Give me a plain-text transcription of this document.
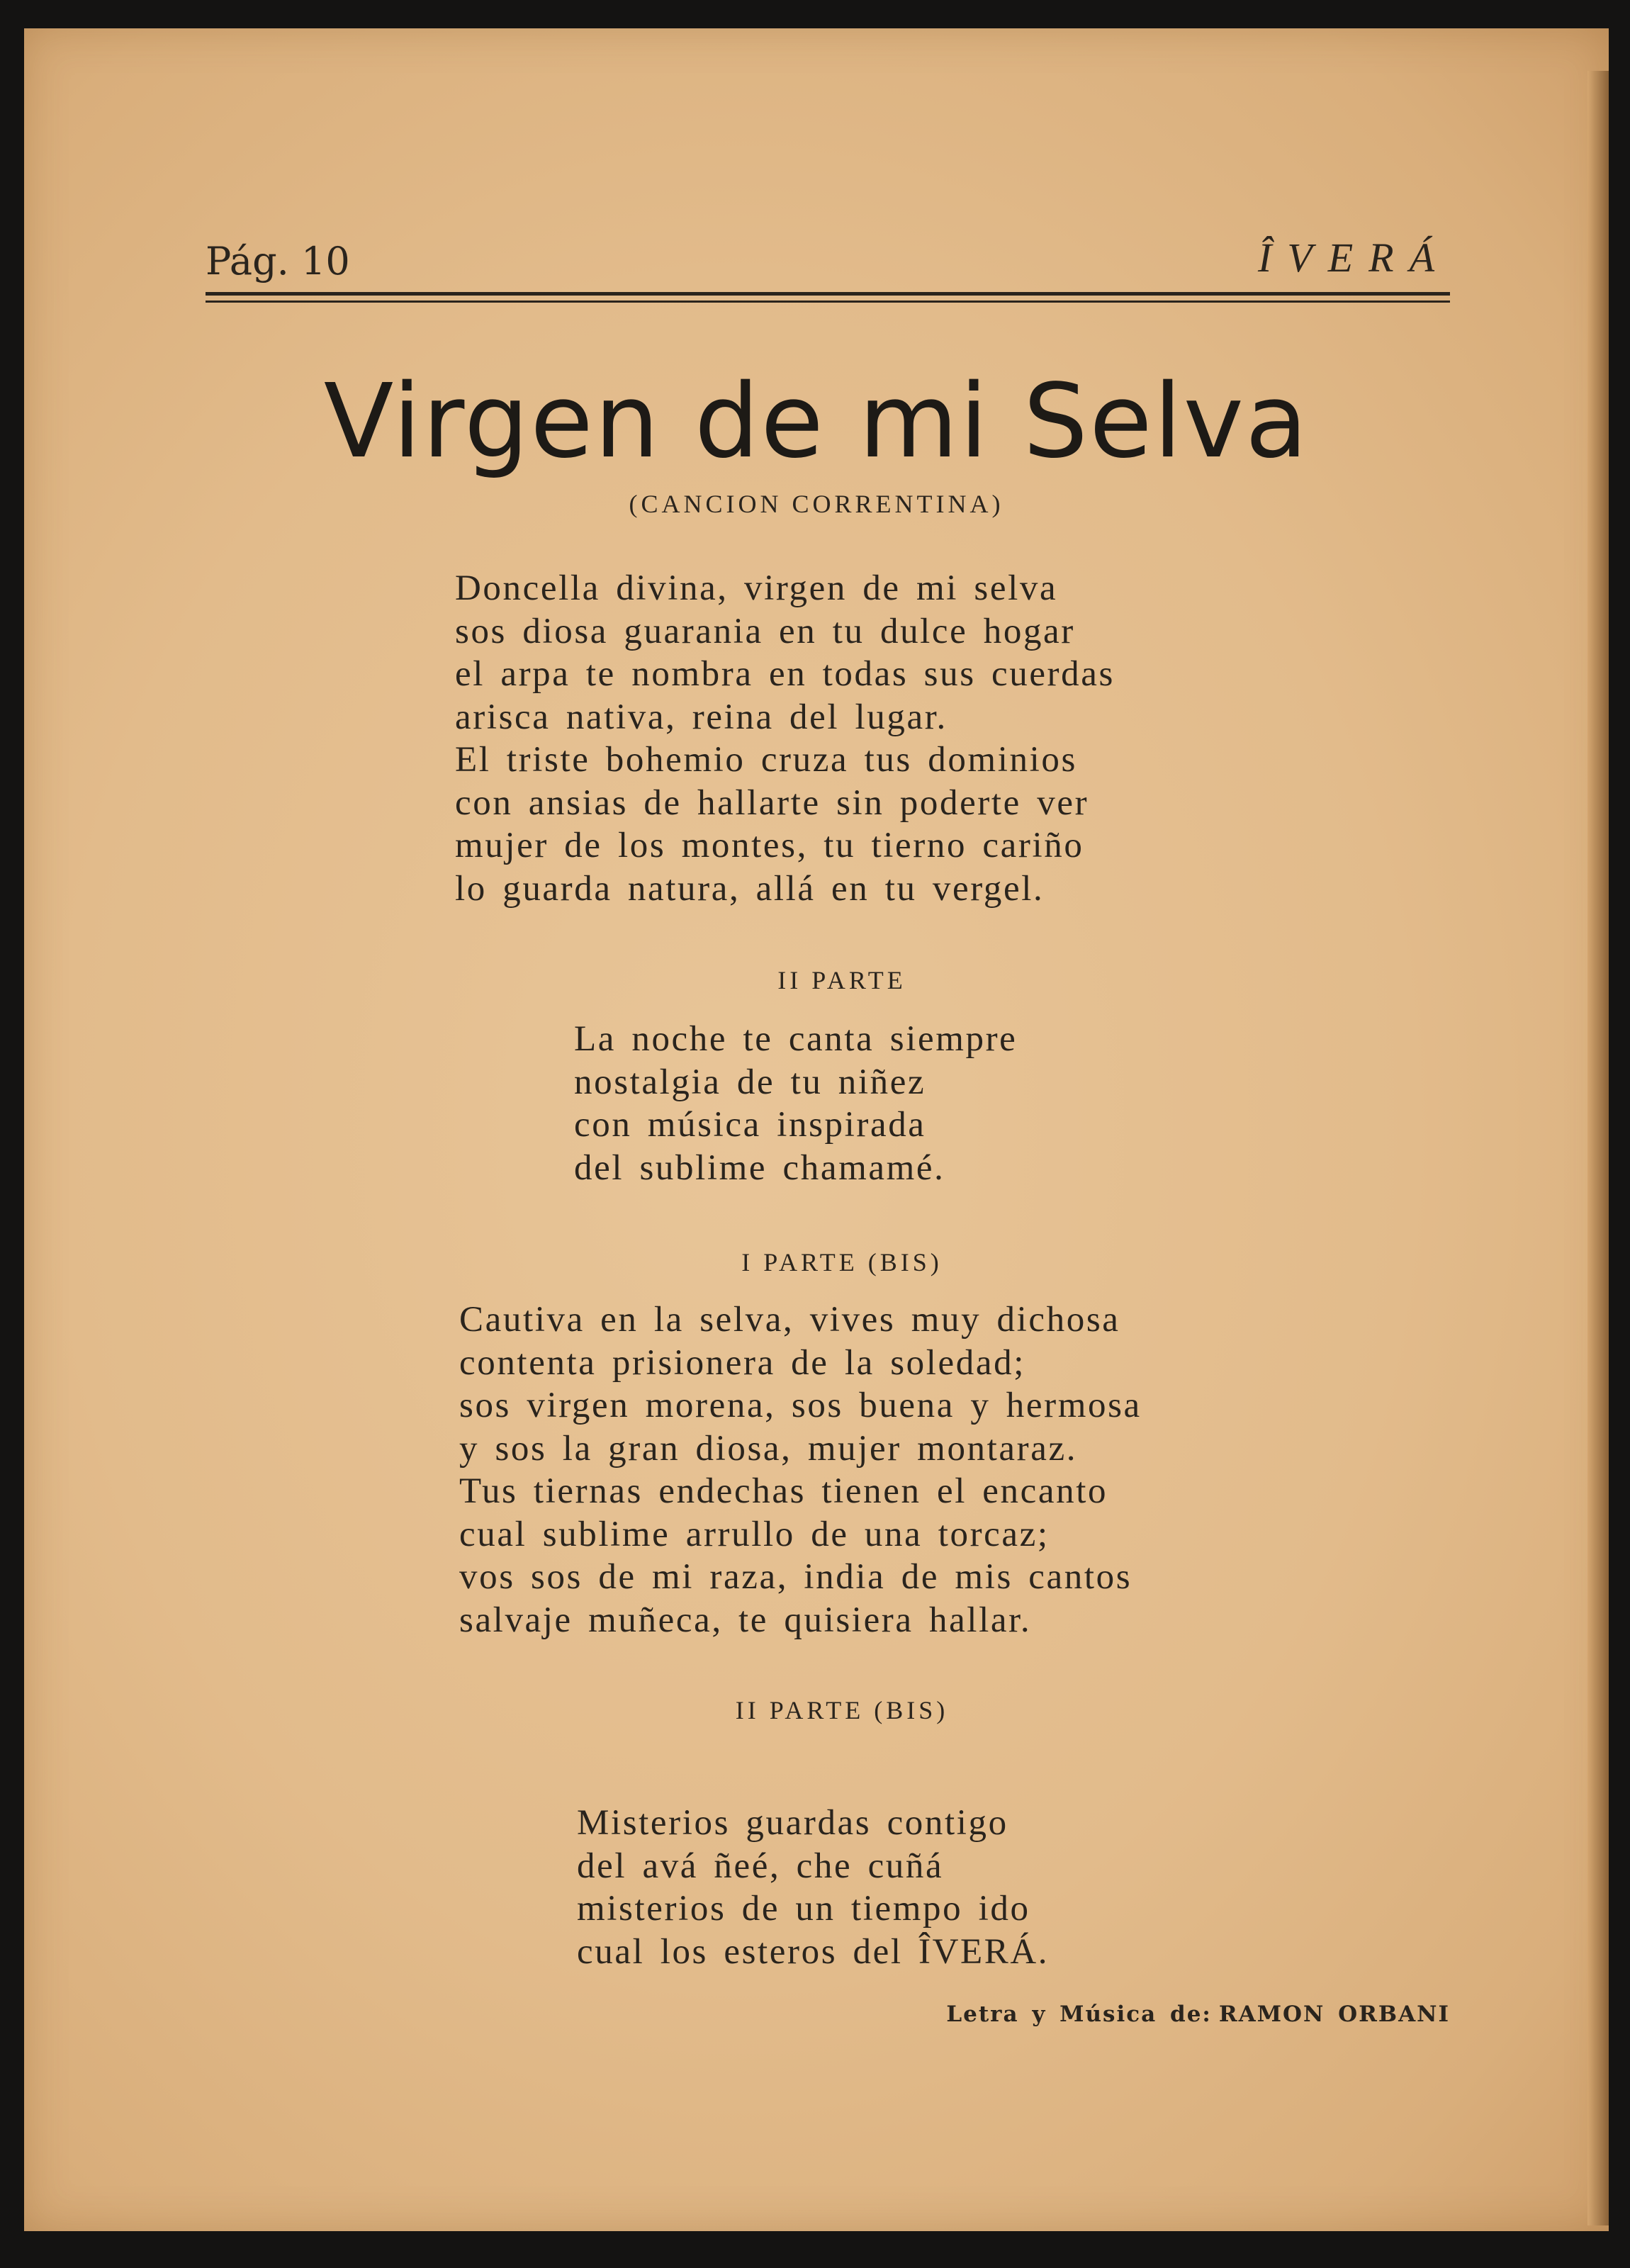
Pág. 10	ÎVERÁ
Virgen de mi Selva
(CANCION CORRENTINA)
Doncella divina, virgen de mi selva
sos diosa guarania en tu dulce hogar
el arpa te nombra en todas sus cuerdas
arisca nativa, reina del lugar.
El triste bohemio cruza tus dominios
con ansias de hallarte sin poderte ver
mujer de los montes, tu tierno cariño
lo guarda natura, allá en tu vergel.
II PARTE
La noche te canta siempre
nostalgia de tu niñez
con música inspirada
del sublime chamamé.
I PARTE (BIS)
Cautiva en la selva, vives muy dichosa
contenta prisionera de la soledad;
sos virgen morena, sos buena y hermosa
y sos la gran diosa, mujer montaraz.
Tus tiernas endechas tienen el encanto
cual sublime arrullo de una torcaz;
vos sos de mi raza, india de mis cantos
salvaje muñeca, te quisiera hallar.
II PARTE (BIS)
Misterios guardas contigo
del avá ñeé, che cuñá
misterios de un tiempo ido
cual los esteros del ÎVERÁ.
Letra y Música de: RAMON ORBANI
